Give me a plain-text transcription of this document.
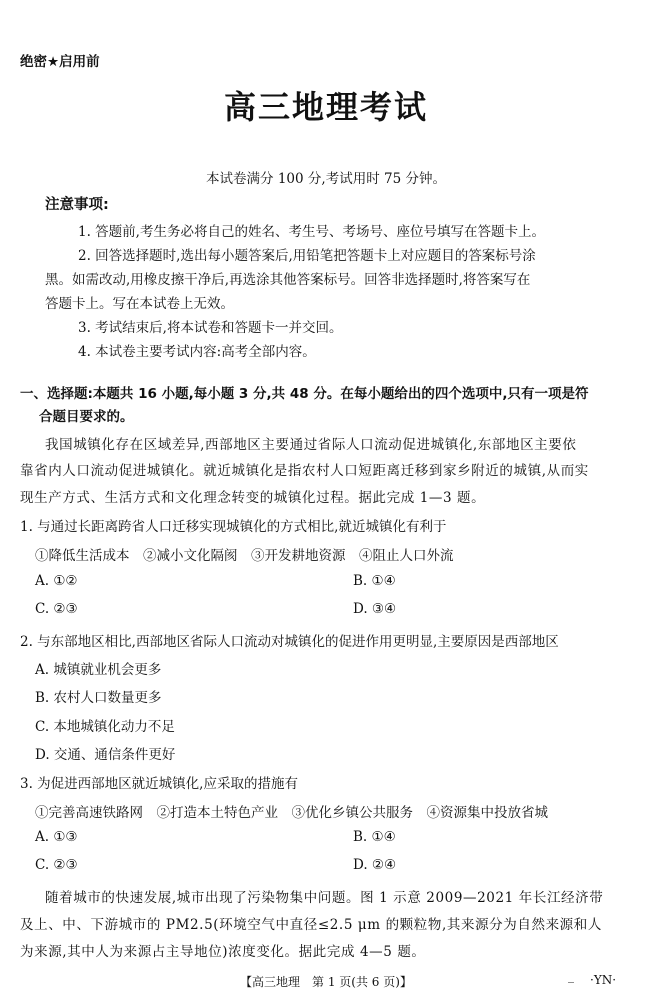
绝密★启用前
高三地理考试
本试卷满分 100 分,考试用时 75 分钟。
注意事项:
1. 答题前,考生务必将自己的姓名、考生号、考场号、座位号填写在答题卡上。
2. 回答选择题时,选出每小题答案后,用铅笔把答题卡上对应题目的答案标号涂
黑。如需改动,用橡皮擦干净后,再选涂其他答案标号。回答非选择题时,将答案写在
答题卡上。写在本试卷上无效。
3. 考试结束后,将本试卷和答题卡一并交回。
4. 本试卷主要考试内容:高考全部内容。
一、选择题:本题共 16 小题,每小题 3 分,共 48 分。在每小题给出的四个选项中,只有一项是符
合题目要求的。
我国城镇化存在区域差异,西部地区主要通过省际人口流动促进城镇化,东部地区主要依
靠省内人口流动促进城镇化。就近城镇化是指农村人口短距离迁移到家乡附近的城镇,从而实
现生产方式、生活方式和文化理念转变的城镇化过程。据此完成 1—3 题。
1. 与通过长距离跨省人口迁移实现城镇化的方式相比,就近城镇化有利于
①降低生活成本　②减小文化隔阂　③开发耕地资源　④阻止人口外流
A. ①②	B. ①④
C. ②③	D. ③④
2. 与东部地区相比,西部地区省际人口流动对城镇化的促进作用更明显,主要原因是西部地区
A. 城镇就业机会更多
B. 农村人口数量更多
C. 本地城镇化动力不足
D. 交通、通信条件更好
3. 为促进西部地区就近城镇化,应采取的措施有
①完善高速铁路网　②打造本土特色产业　③优化乡镇公共服务　④资源集中投放省城
A. ①③	B. ①④
C. ②③	D. ②④
随着城市的快速发展,城市出现了污染物集中问题。图 1 示意 2009—2021 年长江经济带
及上、中、下游城市的 PM2.5(环境空气中直径≤2.5 μm 的颗粒物,其来源分为自然来源和人
为来源,其中人为来源占主导地位)浓度变化。据此完成 4—5 题。
【高三地理　第 1 页(共 6 页)】	_ ·YN·
